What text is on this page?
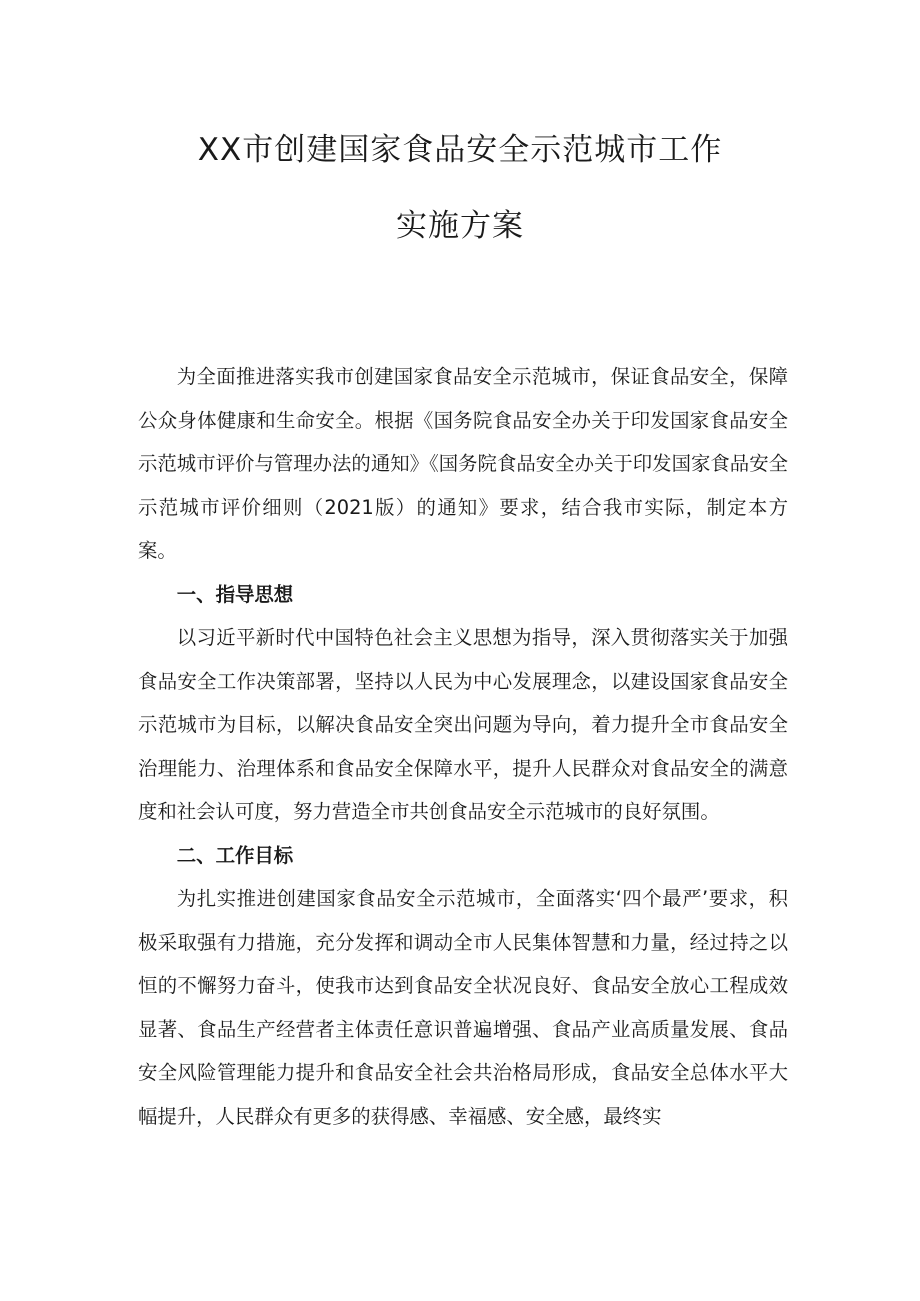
XX市创建国家食品安全示范城市工作
实施方案

为全面推进落实我市创建国家食品安全示范城市，保证食品安全，保障公众身体健康和生命安全。根据《国务院食品安全办关于印发国家食品安全示范城市评价与管理办法的通知》《国务院食品安全办关于印发国家食品安全示范城市评价细则（2021版）的通知》要求，结合我市实际，制定本方案。

一、指导思想

以习近平新时代中国特色社会主义思想为指导，深入贯彻落实关于加强食品安全工作决策部署，坚持以人民为中心发展理念，以建设国家食品安全示范城市为目标，以解决食品安全突出问题为导向，着力提升全市食品安全治理能力、治理体系和食品安全保障水平，提升人民群众对食品安全的满意度和社会认可度，努力营造全市共创食品安全示范城市的良好氛围。

二、工作目标

为扎实推进创建国家食品安全示范城市，全面落实‘四个最严’要求，积极采取强有力措施，充分发挥和调动全市人民集体智慧和力量，经过持之以恒的不懈努力奋斗，使我市达到食品安全状况良好、食品安全放心工程成效显著、食品生产经营者主体责任意识普遍增强、食品产业高质量发展、食品安全风险管理能力提升和食品安全社会共治格局形成，食品安全总体水平大幅提升，人民群众有更多的获得感、幸福感、安全感，最终实
